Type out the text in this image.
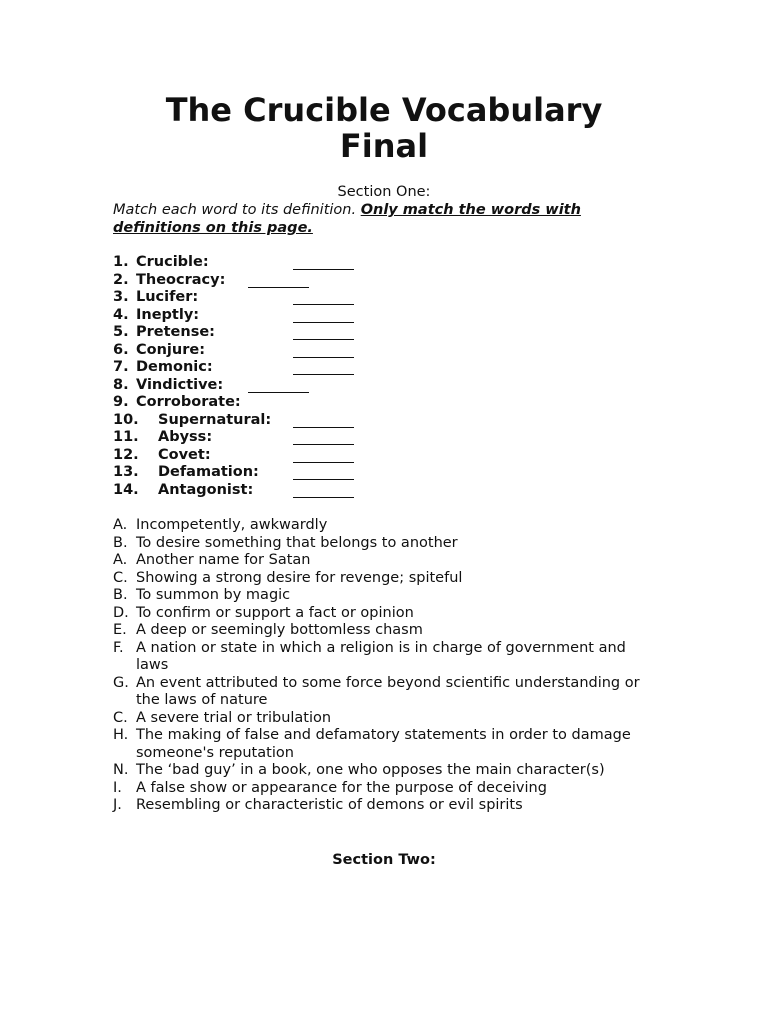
The Crucible Vocabulary
Final
Section One:
Match each word to its definition. Only match the words with definitions on this page.
1. Crucible:
2. Theocracy:
3. Lucifer:
4. Ineptly:
5. Pretense:
6. Conjure:
7. Demonic:
8. Vindictive:
9. Corroborate:
10. Supernatural:
11. Abyss:
12. Covet:
13. Defamation:
14. Antagonist:
A. Incompetently, awkwardly
B. To desire something that belongs to another
A. Another name for Satan
C. Showing a strong desire for revenge; spiteful
B. To summon by magic
D. To confirm or support a fact or opinion
E. A deep or seemingly bottomless chasm
F. A nation or state in which a religion is in charge of government and laws
G. An event attributed to some force beyond scientific understanding or the laws of nature
C. A severe trial or tribulation
H. The making of false and defamatory statements in order to damage someone's reputation
N. The ‘bad guy’ in a book, one who opposes the main character(s)
I. A false show or appearance for the purpose of deceiving
J. Resembling or characteristic of demons or evil spirits
Section Two:
